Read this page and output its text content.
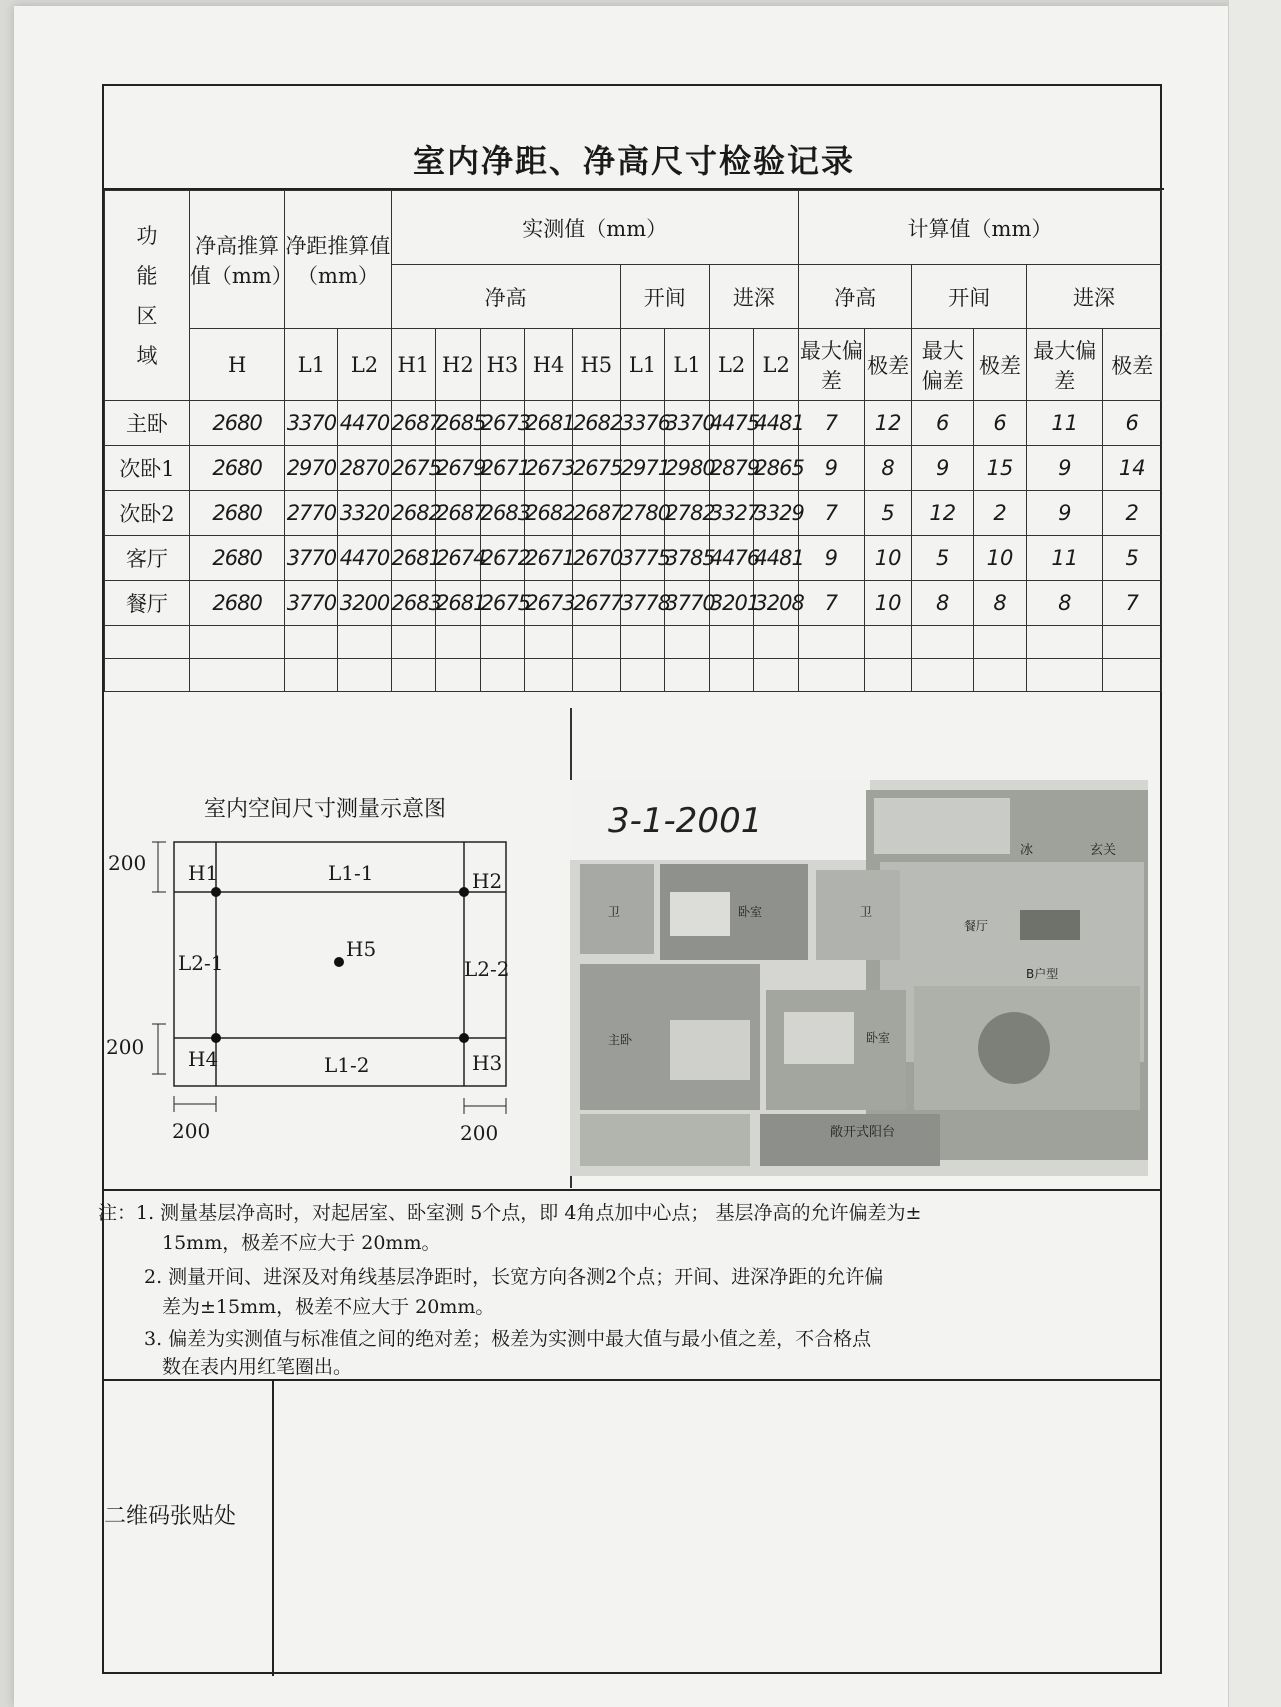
室内净距、净高尺寸检验记录
功能区域	净高推算值（mm）	净距推算值（mm）		实测值（mm）									计算值（mm）					
				净高					开间		进深		净高		开间		进深	
	H	L1	L2	H1	H2	H3	H4	H5	L1	L1	L2	L2	最大偏差	极差	最大偏差	极差	最大偏差	极差
主卧	2680	3370	4470	2687	2685	2673	2681	2682	3376	3370	4475	4481	7	12	6	6	11	6
次卧1	2680	2970	2870	2675	2679	2671	2673	2675	2971	2980	2879	2865	9	8	9	15	9	14
次卧2	2680	2770	3320	2682	2687	2683	2682	2687	2780	2782	3327	3329	7	5	12	2	9	2
客厅	2680	3770	4470	2681	2674	2672	2671	2670	3775	3785	4476	4481	9	10	5	10	11	5
餐厅	2680	3770	3200	2683	2681	2675	2673	2677	3778	3770	3201	3208	7	10	8	8	8	7

室内空间尺寸测量示意图
200
200
200	200
H1	H2
H3
H4
H5
L1-1
L1-2
L2-1	L2-2
3-1-2001
卫	卧室	卫
餐厅
冰	玄关
B户型
主卧	卧室
敞开式阳台

注：1. 测量基层净高时，对起居室、卧室测 5个点，即 4角点加中心点； 基层净高的允许偏差为±

15mm，极差不应大于 20mm。

2. 测量开间、进深及对角线基层净距时，长宽方向各测2个点；开间、进深净距的允许偏

差为±15mm，极差不应大于 20mm。

3. 偏差为实测值与标准值之间的绝对差；极差为实测中最大值与最小值之差，不合格点

数在表内用红笔圈出。

二维码张贴处
